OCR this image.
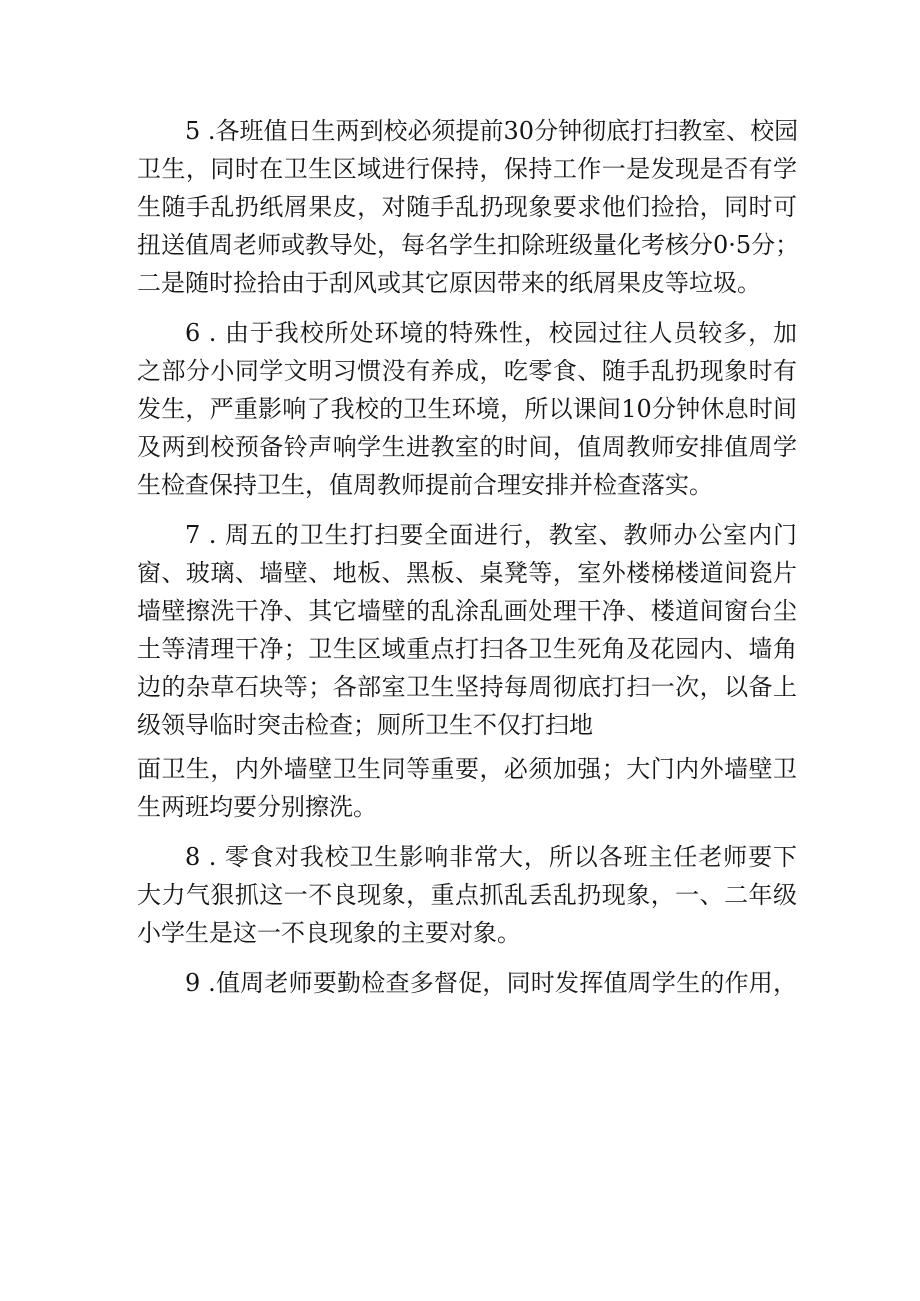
5 .各班值日生两到校必须提前30分钟彻底打扫教室、校园
卫生，同时在卫生区域进行保持，保持工作一是发现是否有学
生随手乱扔纸屑果皮，对随手乱扔现象要求他们捡拾，同时可
扭送值周老师或教导处，每名学生扣除班级量化考核分0·5分；
二是随时捡拾由于刮风或其它原因带来的纸屑果皮等垃圾。
6 . 由于我校所处环境的特殊性，校园过往人员较多，加
之部分小同学文明习惯没有养成，吃零食、随手乱扔现象时有
发生，严重影响了我校的卫生环境，所以课间10分钟休息时间
及两到校预备铃声响学生进教室的时间，值周教师安排值周学
生检查保持卫生，值周教师提前合理安排并检查落实。
7 . 周五的卫生打扫要全面进行，教室、教师办公室内门
窗、玻璃、墙壁、地板、黑板、桌凳等，室外楼梯楼道间瓷片
墙壁擦洗干净、其它墙壁的乱涂乱画处理干净、楼道间窗台尘
土等清理干净；卫生区域重点打扫各卫生死角及花园内、墙角
边的杂草石块等；各部室卫生坚持每周彻底打扫一次，以备上
级领导临时突击检查；厕所卫生不仅打扫地
面卫生，内外墙壁卫生同等重要，必须加强；大门内外墙壁卫
生两班均要分别擦洗。
8 . 零食对我校卫生影响非常大，所以各班主任老师要下
大力气狠抓这一不良现象，重点抓乱丢乱扔现象，一、二年级
小学生是这一不良现象的主要对象。
9 .值周老师要勤检查多督促，同时发挥值周学生的作用，
